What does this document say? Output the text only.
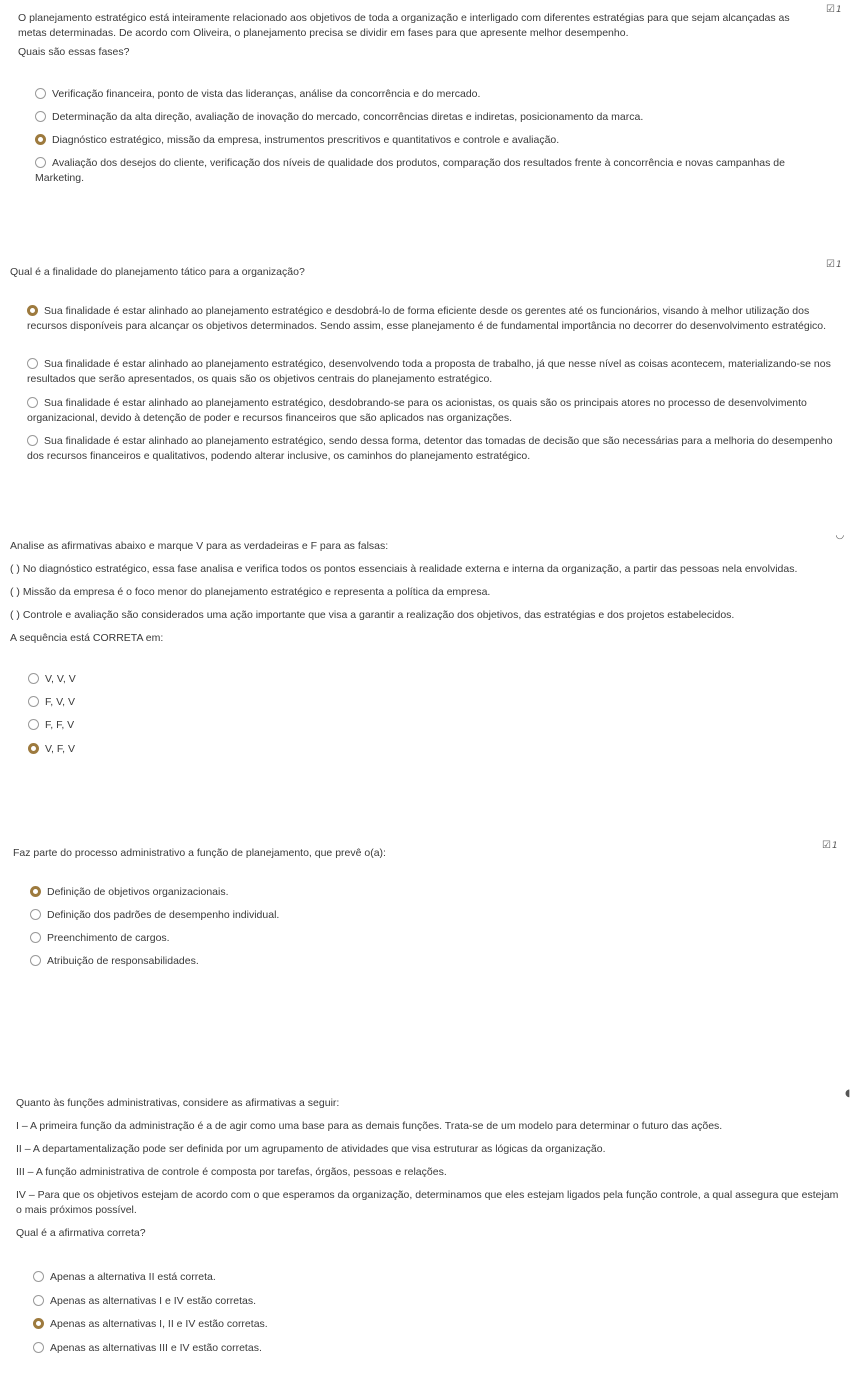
O planejamento estratégico está inteiramente relacionado aos objetivos de toda a organização e interligado com diferentes estratégias para que sejam alcançadas as metas determinadas. De acordo com Oliveira, o planejamento precisa se dividir em fases para que apresente melhor desempenho.

Quais são essas fases?

☑1
Verificação financeira, ponto de vista das lideranças, análise da concorrência e do mercado.
Determinação da alta direção, avaliação de inovação do mercado, concorrências diretas e indiretas, posicionamento da marca.
Diagnóstico estratégico, missão da empresa, instrumentos prescritivos e quantitativos e controle e avaliação.
Avaliação dos desejos do cliente, verificação dos níveis de qualidade dos produtos, comparação dos resultados frente à concorrência e novas campanhas de Marketing.

Qual é a finalidade do planejamento tático para a organização?

☑1
Sua finalidade é estar alinhado ao planejamento estratégico e desdobrá-lo de forma eficiente desde os gerentes até os funcionários, visando à melhor utilização dos recursos disponíveis para alcançar os objetivos determinados. Sendo assim, esse planejamento é de fundamental importância no decorrer do desenvolvimento estratégico.
Sua finalidade é estar alinhado ao planejamento estratégico, desenvolvendo toda a proposta de trabalho, já que nesse nível as coisas acontecem, materializando-se nos resultados que serão apresentados, os quais são os objetivos centrais do planejamento estratégico.
Sua finalidade é estar alinhado ao planejamento estratégico, desdobrando-se para os acionistas, os quais são os principais atores no processo de desenvolvimento organizacional, devido à detenção de poder e recursos financeiros que são aplicados nas organizações.
Sua finalidade é estar alinhado ao planejamento estratégico, sendo dessa forma, detentor das tomadas de decisão que são necessárias para a melhoria do desempenho dos recursos financeiros e qualitativos, podendo alterar inclusive, os caminhos do planejamento estratégico.

Analise as afirmativas abaixo e marque V para as verdadeiras e F para as falsas:

( ) No diagnóstico estratégico, essa fase analisa e verifica todos os pontos essenciais à realidade externa e interna da organização, a partir das pessoas nela envolvidas.

( ) Missão da empresa é o foco menor do planejamento estratégico e representa a política da empresa.

( ) Controle e avaliação são considerados uma ação importante que visa a garantir a realização dos objetivos, das estratégias e dos projetos estabelecidos.

A sequência está CORRETA em:

◡
V, V, V
F, V, V
F, F, V
V, F, V

Faz parte do processo administrativo a função de planejamento, que prevê o(a):

☑1
Definição de objetivos organizacionais.
Definição dos padrões de desempenho individual.
Preenchimento de cargos.
Atribuição de responsabilidades.

Quanto às funções administrativas, considere as afirmativas a seguir:

I – A primeira função da administração é a de agir como uma base para as demais funções. Trata-se de um modelo para determinar o futuro das ações.

II – A departamentalização pode ser definida por um agrupamento de atividades que visa estruturar as lógicas da organização.

III – A função administrativa de controle é composta por tarefas, órgãos, pessoas e relações.

IV – Para que os objetivos estejam de acordo com o que esperamos da organização, determinamos que eles estejam ligados pela função controle, a qual assegura que estejam o mais próximos possível.

Qual é a afirmativa correta?

◖
Apenas a alternativa II está correta.
Apenas as alternativas I e IV estão corretas.
Apenas as alternativas I, II e IV estão corretas.
Apenas as alternativas III e IV estão corretas.
